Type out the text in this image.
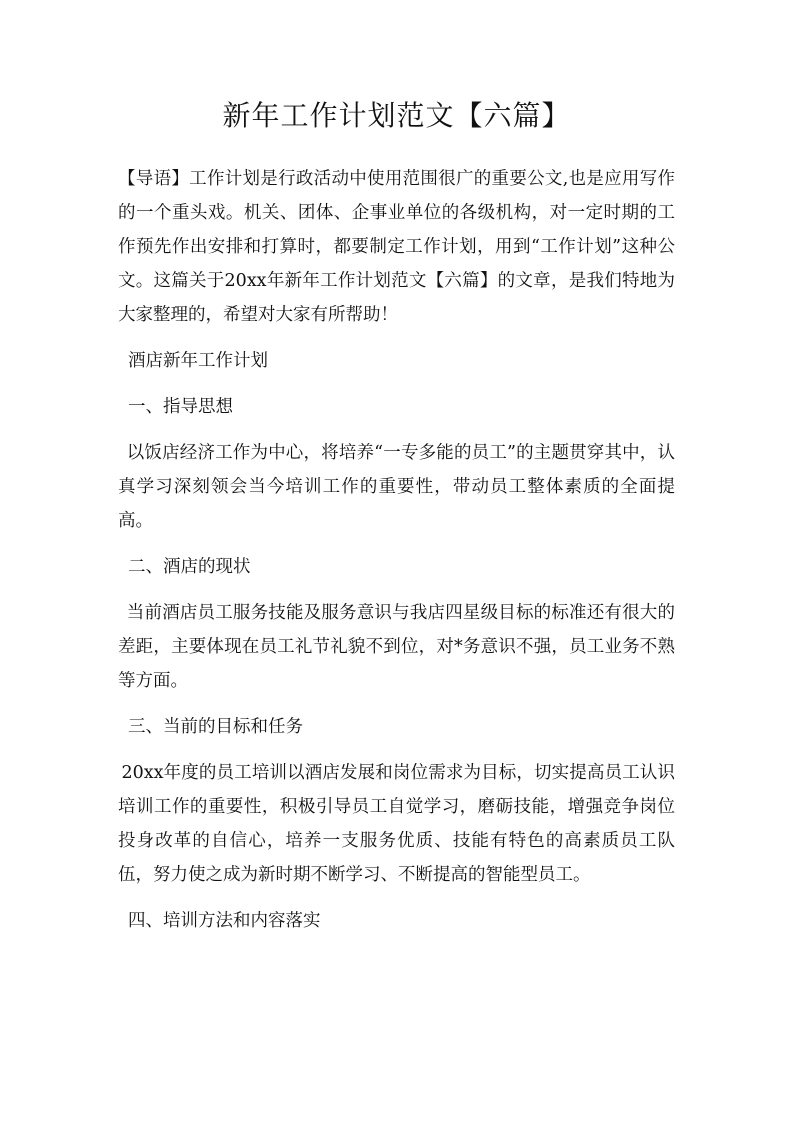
新年工作计划范文【六篇】

【导语】工作计划是行政活动中使用范围很广的重要公文,也是应用写作的一个重头戏。机关、团体、企事业单位的各级机构，对一定时期的工作预先作出安排和打算时，都要制定工作计划，用到“工作计划”这种公文。这篇关于20xx年新年工作计划范文【六篇】的文章，是我们特地为大家整理的，希望对大家有所帮助！

酒店新年工作计划
一、指导思想

以饭店经济工作为中心，将培养“一专多能的员工”的主题贯穿其中，认真学习深刻领会当今培训工作的重要性，带动员工整体素质的全面提高。

二、酒店的现状

当前酒店员工服务技能及服务意识与我店四星级目标的标准还有很大的差距，主要体现在员工礼节礼貌不到位，对*务意识不强，员工业务不熟等方面。

三、当前的目标和任务

20xx年度的员工培训以酒店发展和岗位需求为目标，切实提高员工认识培训工作的重要性，积极引导员工自觉学习，磨砺技能，增强竞争岗位投身改革的自信心，培养一支服务优质、技能有特色的高素质员工队伍，努力使之成为新时期不断学习、不断提高的智能型员工。

四、培训方法和内容落实
